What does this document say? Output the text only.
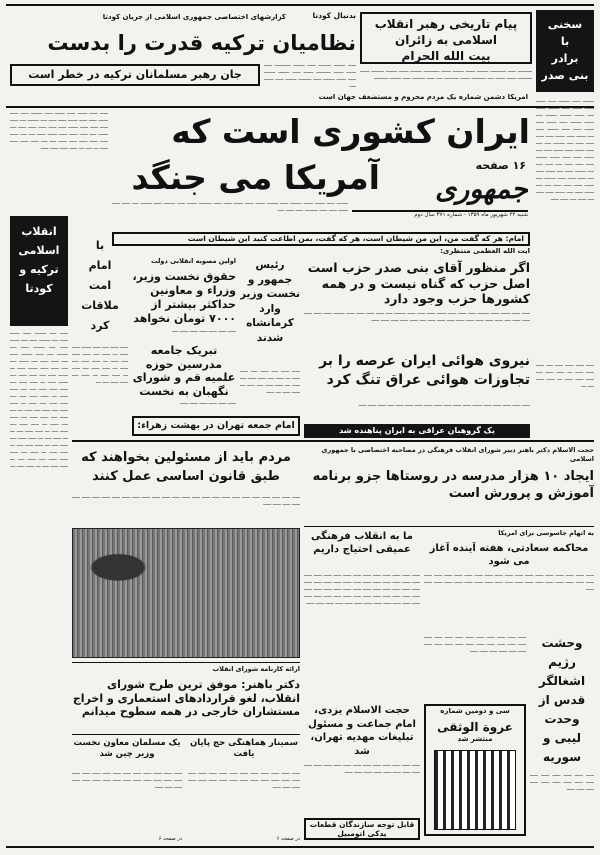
سخنی
با
برادر
بنی صدر
پیام تاریخی رهبر انقلاب
اسلامی به زائران
بیت الله الحرام
ـــــــــ ـــــ ــــــــــ ـــــــ ــــــ ـــــــ ــــــ ــــــــــ ـــــــ ــــــ ـــــــ ــــــــ ــــــ ـــــــــ ــــــ ــــــ ــــ ـــــــــ ــــــ ـــــــــ ــــ ـــــ ــــــــ ـــــ ـــــــ ـــــــــ
بدنبال کودتا
گزارشهای اختصاصی جمهوری اسلامی از جریان کودتا
نظامیان ترکیه قدرت را بدست
جان رهبر مسلمانان ترکیه در خطر است
ـــــ ـــــــ ــــــــ ـــــ ـــــــ ــــــــــ ـــــ ــــــ ــــــ ـــــــــ ــــــ ـــــ ـــــــ ـــــــ ـــــ ــــــ ـــــــ ـــــ ــــــــ ـــــــ ـــــ ــــــ ــــ
ـــــــ ـــــ ـــــــ ـــــ ــــــ ــــــ ــــــ ـــــ ـــــــ ــــــ ــــ ــــــ ـــــــ ـــــــ ــــ ــــــ ـــــــ ـــــ ــــــ ـــــ ــــــ ـــــ ـــــ ـــــــ ـــــ ــــ ــــــ ـــــ ــــــ ـــــ ـــــ ـــــ ـــــ ــــ ـــــــ ــــ ــــ ـــــ ــــــ ـــــ ــــــ ـــــ ــــ ــــــ ـــــ ـــــ ــــــ ـــــــ ـــــ ـــــ ـــــ ــــ ـــــ ــــ ــــ ـــــــ ـــــ ــــ ــــــ ـــــ ــــ ـــــ ـــــ ـــــ ـــــــ ــــ ــــــ ـــــ ـــــ ـــــ ــــ ــــ ــــــ ـــــ ــــ ــــــ ـــــ ـــــ ــــ ـــــ ــــ ـــــ ـــــ
آمریکا دشمن شماره یک مردم محروم و مستضعف جهان است
ایران کشوری است که
آمریکا می جنگد	۱۶ صفحه
جمهوری
شنبه ۲۲ شهریور ماه ۱۳۵۹ - شماره ۳۷۱ سال دوم
ـــــــ ـــــ ــــــ ــــــ ـــــــ ـــــ ـــــــ ــــــ ـــــ ــــــ ـــــ ـــــ ــــــــ ــــــ ـــــ ـــــــ ـــــ ـــــــ ــــ ـــــ ـــــ ــــــ ـــــ ـــــ ــــــــ ـــــ ـــــ ــــ
ـــــ ـــــ ــــــ ـــــ ــــــ ـــــ ـــــــ ـــــ ـــــ ــــــ ـــــ ـــــ ــــــ ـــــ ـــــ ــــ ـــــــ ــــ ـــــ ـــــ ـــــ ـــــ ــــــ ـــــ ـــــ ـــــ ـــــ ـــــ ــــ ــــــ ــــ ـــــ ـــــ ـــــ ــــــ ـــــ ــــ ــــ ـــــ ـــــ ـــــ ـــــ ـــــ ـــــ ــــ ــــ ـــــ ـــــ ـــــ ـــــ ـــ ــــ ـــ ـــــ ـــــ ـــــ ـــــ
امام: هر که گفت من، این من شیطان است، هر که گفت، بمن اطاعت کنید این شیطان است
انقلاب اسلامی ترکیه و کودتا
ـــــ ــــ ـــــــ ـــــ ــــــ ـــــ ــــ ـــــــ ـــــ ــــ ــــــ ـــــ ــــ ـــــــ ـــــ ــــ ـــــــ ــــ ـــــ ـــــــ ـــــ ــــ ـــــ ـــــ ــــ ــــــ ــــ ــــ ـــــ ـــــ ــــــ ـــــ ـــ ــــــ ـــــ ــــ ـــــ ـــــ ــــ ــــــ ـــــ ـــ ـــــ ـــــ ــــ ـــــ ـــــ ـــــ ــــ ــــ ـــــ ـــــ ـــ ـــــ ـــــ ــــ ــــ ـــــ ـــــ ــــ ـــــ ـــ ـــــ ـــــ ــــ ـــــ ــــ ـــــ ـــ ــــ ـــــ ــــ ـــــ ـــــ ــــ ـــــ ــــ ـــــ ـــ ـــــ ـــــ ــــ ـــــ ــــ ـــ ـــــ ـــــ ــــ ـــ ـــ ـــــ ــــ ـــ ـــــ ـــــ ــــ ـــــ ــــ ـــ ـــــ ـــــ ــــ ـــ ـــــ ـــــ ـــ ـــــ ــــ ـــــ ـــــ ـــــ ــــ ـــــ ــــ ـــ ـــــ ـــــ ــــ ـــ ـــــ ـــــ ـــ
با
امام
امت
ملاقات
کرد
ـــــ ـــــ ــــ ـــــ ــــــ ـــــ ـــــ ـــ ـــــ ــــ ـــــ ـــــ ــــ ـــــ ـــ ـــــ ـــــ ــــ ـــــ ـــ ـــــ ـــــ ــــ ـــــ ـــ ـــــ ـــــ ـــ ـــــ ــــ ـــــ ـــــ ــــ ـــ
رئیس جمهور و نخست وزیر وارد کرمانشاه شدند
ـــــ ـــــ ــــ ـــــ ــــ ـــــ ـــــ ـــ ـــــ ــــ ـــــ ـــــ ــــ ـــــ ـــ ـــــ ـــــ ــــ ـــــ ـــ ـــــ ـــــ ـــ ـــــ
اولین مصوبه انقلابی دولت
حقوق نخست وزیر، وزراء و معاونین حداکثر بیشتر از ۷۰۰۰ تومان نخواهد
ـــــ ـــــ ـــــ ـــــ ـــــ ـــــ ــــ
تبریک جامعه مدرسین حوزه علمیه قم و شورای نگهبان به نخست
ـــــ ـــــ ـــــ ـــــ ـــــ ـــــ
امام جمعه تهران در بهشت زهراء:
آیت الله العظمی منتظری:
اگر منظور آقای بنی صدر حزب است اصل حزب که گناه نیست و در همه کشورها حزب وجود دارد
ـــــ ـــــ ــــــ ـــــ ـــــــ ـــــ ـــــ ـــــ ــــــ ـــــ ـــــ ـــــ ـــــــ ــــ ـــــ ـــــ ـــــ ـــــ ـــــــ ـــــ ـــــ ـــــ ـــــ ـــــ ــــ ـــــ ـــــ ـــــ ـــــ ـــــ ـــــ ـــــ ـــــ ــــ ـــــ ـــــ ـــــ ـــــ ـــــ
نیروی هوائی ایران عرصه را بر تجاوزات هوائی عراق تنگ کرد
ـــــ ـــــ ـــــ ـــــ ـــــ ــــــ ـــــ ـــــ ـــــ ـــــ ـــــ ـــــ ـــــ ـــــ ــــ ـــــ ـــــ ـــــ
یک گروهبان عراقی به ایران پناهنده شد
ـــــ ـــــ ـــــ ـــــ ــــ ـــــ ـــــ ـــــ ـــ ـــــ ـــــ ــــ ـــــ ـــــ ـــــ ـــ ـــــ ـــــ ــــ ـــ
مردم باید از مسئولین بخواهند که طبق قانون اساسی عمل کنند
ـــــ ـــــ ـــــ ـــــ ـــــ ـــــ ـــــ ـــــ ـــــ ـــــ ـــــ ـــــ ـــــ ـــــ ـــــ ـــــ ـــــ ـــــ ـــــ ـــــ ـــــ ـــــ ـــــ ـــــ ـــــ ـــــ ـــــ
حجت الاسلام دکتر باهنر دبیر شورای انقلاب فرهنگی در مصاحبه اختصاصی با جمهوری اسلامی
ایجاد ۱۰ هزار مدرسه در روستاها جزو برنامه آموزش و پرورش است
ما به انقلاب فرهنگی عمیقی احتیاج داریم
ـــــ ـــــ ـــــ ـــــ ـــــ ـــــ ـــــ ـــــ ـــــ ـــــ ـــــ ـــــ ـــــ ـــــ ـــــ ـــــ ـــــ ـــــ ـــــ ـــــ ـــــ ـــــ ـــــ ـــــ ـــــ ـــــ ـــــ ـــــ ـــــ ـــــ ـــــ ـــــ ـــــ ـــــ ـــــ ـــــ ـــــ ـــــ ـــــ ـــــ ـــــ ـــــ ـــــ ـــــ ـــــ ـــــ ـــــ ـــــ ـــــ ـــــ ـــــ ـــــ ـــــ ـــــ ـــــ ـــــ ـــــ ـــــ ـــــ ـــــ
به اتهام جاسوسی برای آمریکا
محاکمه سعادتی، هفته آینده آغاز می شود
ـــــ ـــــ ـــــ ـــــ ـــــ ـــــ ـــــ ـــــ ـــــ ـــــ ـــــ ـــــ ـــــ ـــــ ـــــ ـــــ ـــــ ـــــ ـــــ ـــــ ـــــ ـــــ ـــــ ـــــ ـــــ ـــــ ـــــ ـــــ ـــــ ـــــ ـــــ ـــــ ـــــ ـــــ ـــــ
وحشت
رژیم
اشغالگر
قدس از
وحدت
لیبی و
سوریه
ـــــ ـــــ ـــــ ـــــ ـــــ ـــــ ـــــ ـــــ ـــــ ـــــ ـــــ ـــــ ـــــ ـــــ ـــــ ـــــ ـــــ ـــــ ـــــ ـــــ ـــــ ـــــ ـــــ ـــــ ـــــ ـــــ
ارائه کارنامه شورای انقلاب
دکتر باهنر: موفق ترین طرح شورای انقلاب، لغو قراردادهای استعماری و اخراج مستشاران خارجی در همه سطوح میدانم	حجت الاسلام یزدی، امام جماعت و مسئول تبلیغات مهدیه تهران، شد
سی و دومین شماره
عروة الوثقی
منتشر شد
ـــــ ـــــ ـــــ ـــــ ـــــ ـــــ ـــــ ـــــ ـــــ ـــــ ـــــ ـــــ ـــــ ـــــ ـــــ
یک مسلمان معاون نخست وزیر چین شد
سمینار هماهنگی حج پایان یافت
ـــــ ـــــ ـــــ ـــــ ـــــ ـــــ ـــــ ـــــ ـــــ ـــــ ـــــ ـــــ ـــــ ـــــ ـــــ ـــــ ـــــ ـــــ ـــــ ـــــ ـــــ ـــــ ـــــ ـــــ ـــــ
ـــــ ـــــ ـــــ ـــــ ـــــ ـــــ ـــــ ـــــ ـــــ ـــــ ـــــ ـــــ ـــــ ـــــ ـــــ ـــــ ـــــ ـــــ ـــــ ـــــ ـــــ ـــــ ـــــ ـــــ ـــــ
ـــــ ـــــ ـــــ ـــــ ـــــ ـــــ ـــــ ـــــ ـــــ ـــــ ـــــ ـــــ ـــــ ـــــ ـــــ ـــــ ـــــ ـــــ ـــــ ـــــ
قابل توجه سازندگان قطعات یدکی اتومبیل
در صفحه ۶	در صفحه ۶
